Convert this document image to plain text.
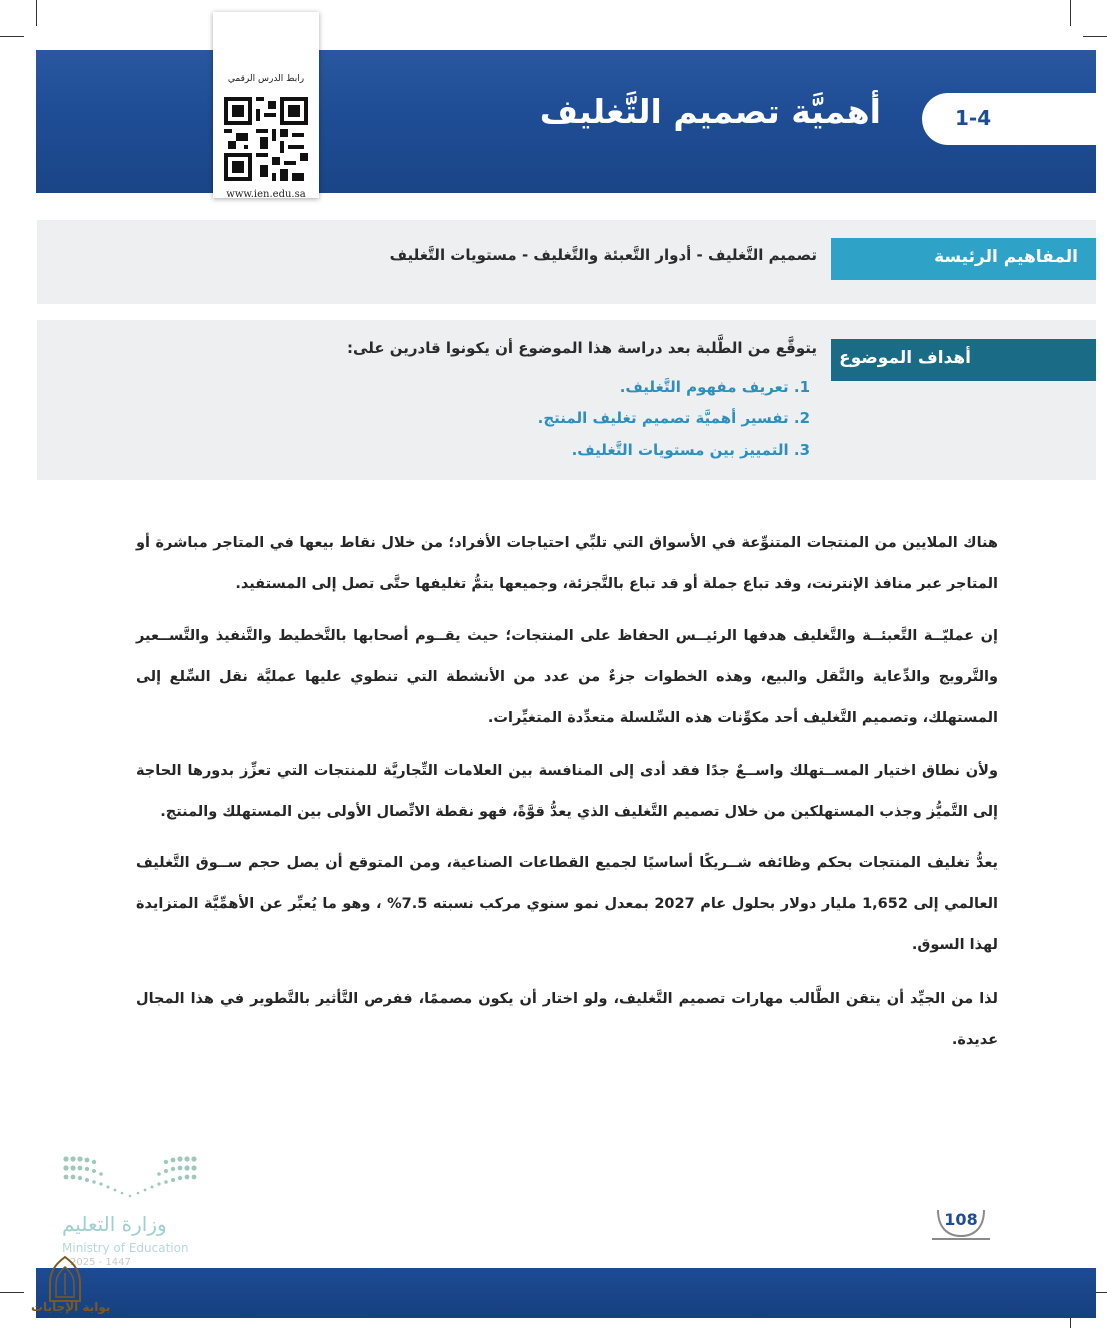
أهميَّة تصميم التَّغليف	1-4
رابط الدرس الرقمي
www.ien.edu.sa
المفاهيم الرئيسة
تصميم التَّغليف - أدوار التَّعبئة والتَّغليف - مستويات التَّغليف
أهداف الموضوع
يتوقَّع من الطَّلبة بعد دراسة هذا الموضوع أن يكونوا قادرين على:
1. تعريف مفهوم التَّغليف.
2. تفسير أهميَّة تصميم تغليف المنتج.
3. التمييز بين مستويات التَّغليف.
هناك الملايين من المنتجات المتنوِّعة في الأسواق التي تلبِّي احتياجات الأفراد؛ من خلال نقاط بيعها في المتاجر مباشرة أو المتاجر عبر منافذ الإنترنت، وقد تباع جملة أو قد تباع بالتَّجزئة، وجميعها يتمُّ تغليفها حتَّى تصل إلى المستفيد.
إن عمليّــة التَّعبئــة والتَّغليف هدفها الرئيــس الحفاظ على المنتجات؛ حيث يقــوم أصحابها بالتَّخطيط والتَّنفيذ والتَّســعير والتَّرويج والدِّعاية والنَّقل والبيع، وهذه الخطوات جزءٌ من عدد من الأنشطة التي تنطوي عليها عمليَّة نقل السِّلع إلى المستهلك، وتصميم التَّغليف أحد مكوِّنات هذه السِّلسلة متعدِّدة المتغيِّرات.
ولأن نطاق اختيار المســتهلك واســعٌ جدًا فقد أدى إلى المنافسة بين العلامات التِّجاريَّة للمنتجات التي تعزِّز بدورها الحاجة إلى التَّميُّز وجذب المستهلكين من خلال تصميم التَّغليف الذي يعدُّ قوَّةً، فهو نقطة الاتِّصال الأولى بين المستهلك والمنتج.
يعدُّ تغليف المنتجات بحكم وظائفه شــريكًا أساسيًا لجميع القطاعات الصناعية، ومن المتوقع أن يصل حجم ســوق التَّغليف العالمي إلى 1,652 مليار دولار بحلول عام 2027 بمعدل نمو سنوي مركب نسبته 7.5% ، وهو ما يُعبِّر عن الأهمِّيَّة المتزايدة لهذا السوق.
لذا من الجيِّد أن يتقن الطَّالب مهارات تصميم التَّغليف، ولو اختار أن يكون مصممًا، ففرص التَّأثير بالتَّطوير في هذا المجال عديدة.
وزارة التعليم
Ministry of Education
2025 - 1447
بوابة الإجابات
108
